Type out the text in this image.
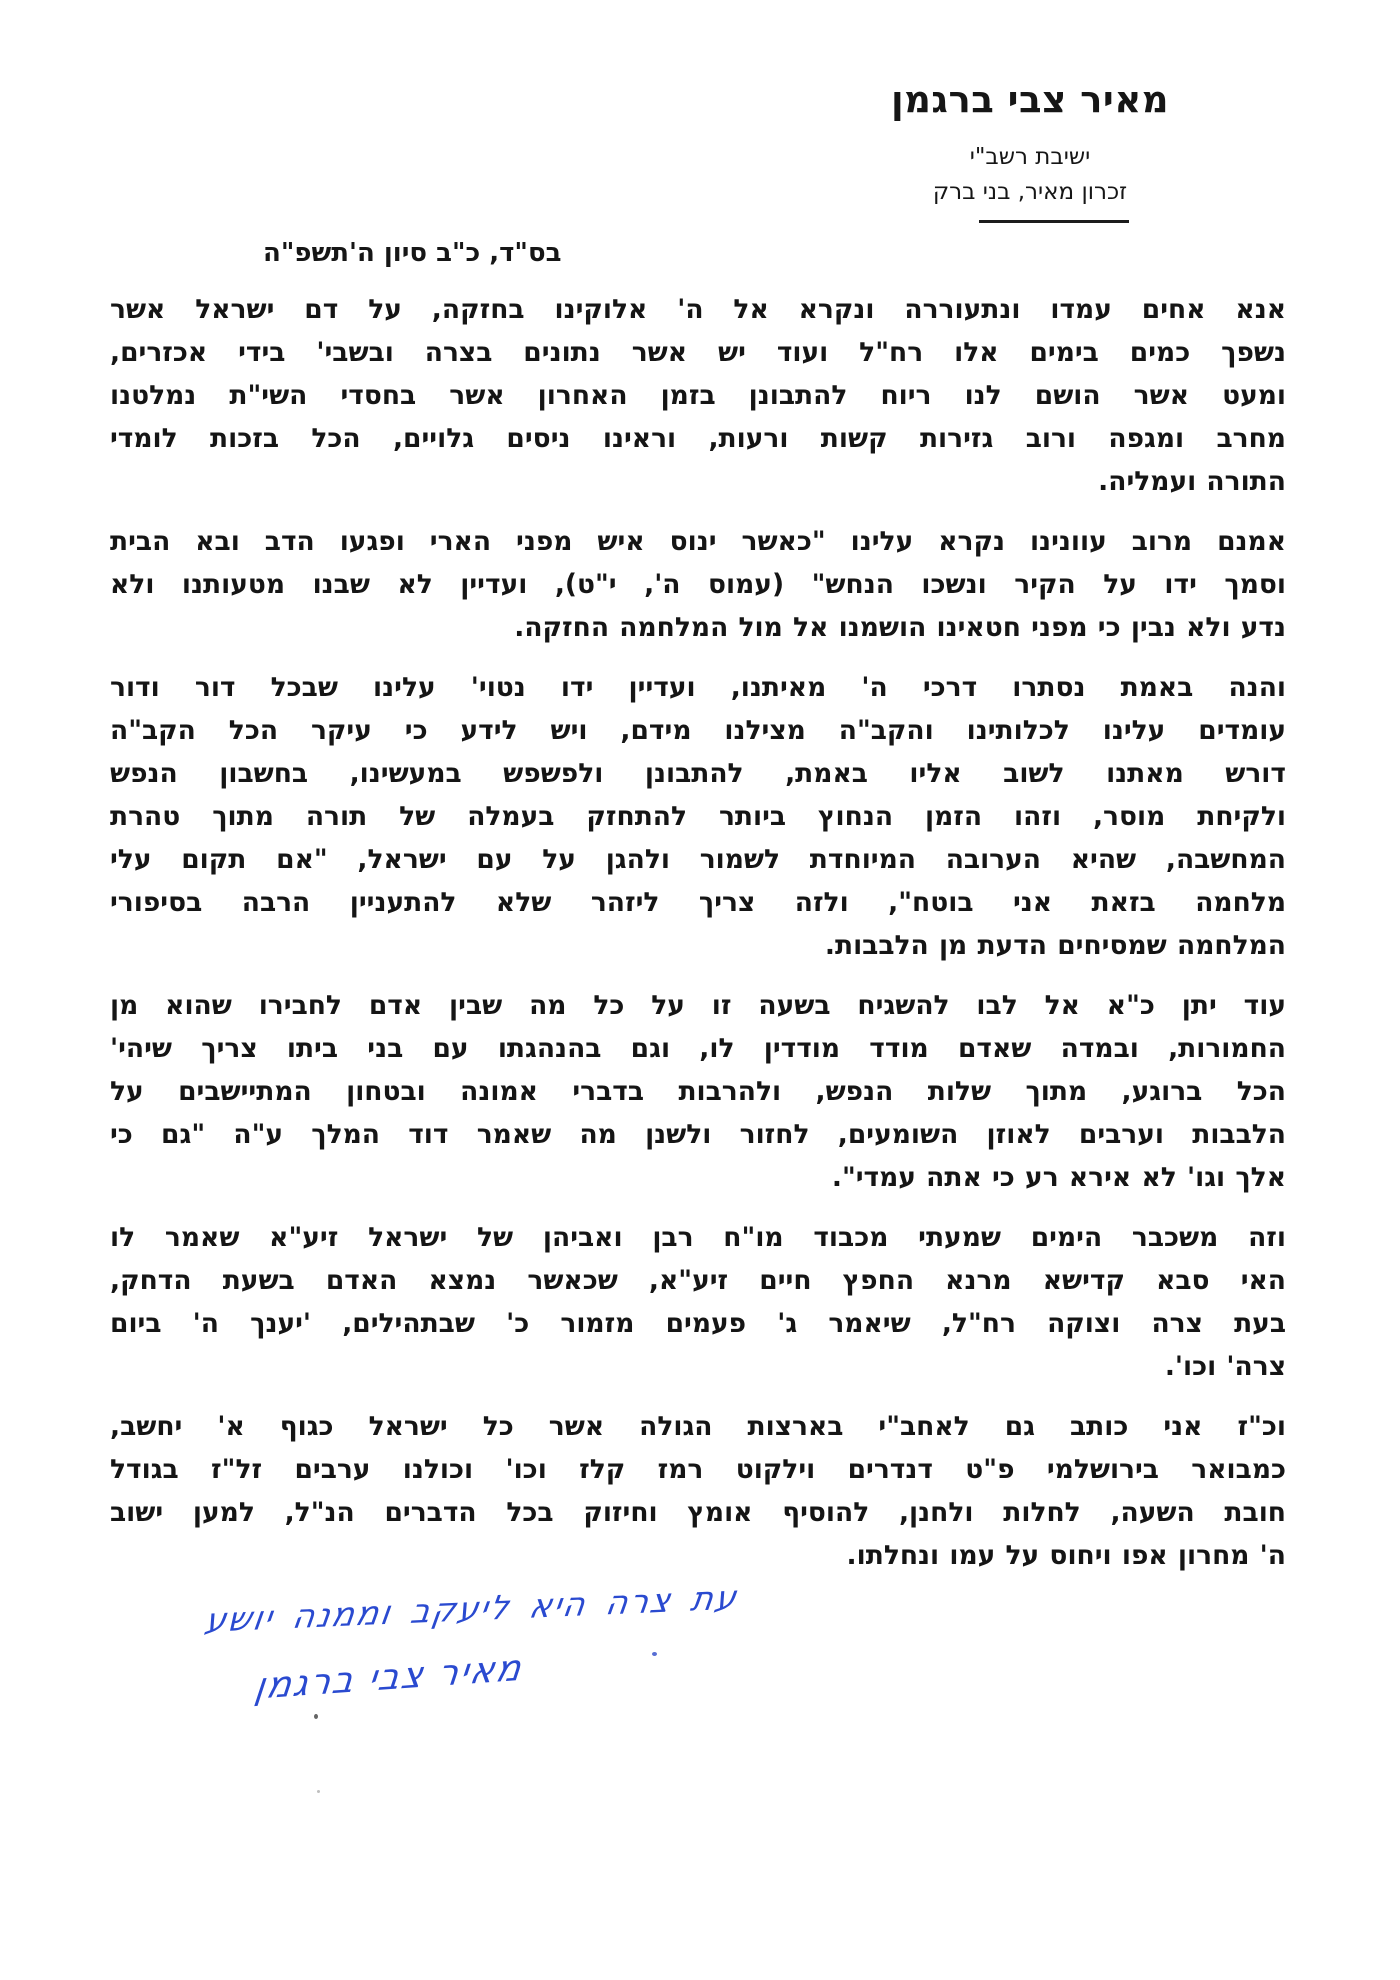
מאיר צבי ברגמן
ישיבת רשב"י
זכרון מאיר, בני ברק
בס"ד, כ"ב סיון ה'תשפ"ה
אנא אחים עמדו ונתעוררה ונקרא אל ה' אלוקינו בחזקה, על דם ישראל אשר
נשפך כמים בימים אלו רח"ל ועוד יש אשר נתונים בצרה ובשבי' בידי אכזרים,
ומעט אשר הושם לנו ריוח להתבונן בזמן האחרון אשר בחסדי השי"ת נמלטנו
מחרב ומגפה ורוב גזירות קשות ורעות, וראינו ניסים גלויים, הכל בזכות לומדי
התורה ועמליה.
אמנם מרוב עוונינו נקרא עלינו "כאשר ינוס איש מפני הארי ופגעו הדב ובא הבית
וסמך ידו על הקיר ונשכו הנחש" (עמוס ה', י"ט), ועדיין לא שבנו מטעותנו ולא
נדע ולא נבין כי מפני חטאינו הושמנו אל מול המלחמה החזקה.
והנה באמת נסתרו דרכי ה' מאיתנו, ועדיין ידו נטוי' עלינו שבכל דור ודור
עומדים עלינו לכלותינו והקב"ה מצילנו מידם, ויש לידע כי עיקר הכל הקב"ה
דורש מאתנו לשוב אליו באמת, להתבונן ולפשפש במעשינו, בחשבון הנפש
ולקיחת מוסר, וזהו הזמן הנחוץ ביותר להתחזק בעמלה של תורה מתוך טהרת
המחשבה, שהיא הערובה המיוחדת לשמור ולהגן על עם ישראל, "אם תקום עלי
מלחמה בזאת אני בוטח", ולזה צריך ליזהר שלא להתעניין הרבה בסיפורי
המלחמה שמסיחים הדעת מן הלבבות.
עוד יתן כ"א אל לבו להשגיח בשעה זו על כל מה שבין אדם לחבירו שהוא מן
החמורות, ובמדה שאדם מודד מודדין לו, וגם בהנהגתו עם בני ביתו צריך שיהי'
הכל ברוגע, מתוך שלות הנפש, ולהרבות בדברי אמונה ובטחון המתיישבים על
הלבבות וערבים לאוזן השומעים, לחזור ולשנן מה שאמר דוד המלך ע"ה "גם כי
אלך וגו' לא אירא רע כי אתה עמדי".
וזה משכבר הימים שמעתי מכבוד מו"ח רבן ואביהן של ישראל זיע"א שאמר לו
האי סבא קדישא מרנא החפץ חיים זיע"א, שכאשר נמצא האדם בשעת הדחק,
בעת צרה וצוקה רח"ל, שיאמר ג' פעמים מזמור כ' שבתהילים, 'יענך ה' ביום
צרה' וכו'.
וכ"ז אני כותב גם לאחב"י בארצות הגולה אשר כל ישראל כגוף א' יחשב,
כמבואר בירושלמי פ"ט דנדרים וילקוט רמז קלז וכו' וכולנו ערבים זל"ז בגודל
חובת השעה, לחלות ולחנן, להוסיף אומץ וחיזוק בכל הדברים הנ"ל, למען ישוב
ה' מחרון אפו ויחוס על עמו ונחלתו.
עת צרה היא ליעקב וממנה יושע
מאיר צבי ברגמן
